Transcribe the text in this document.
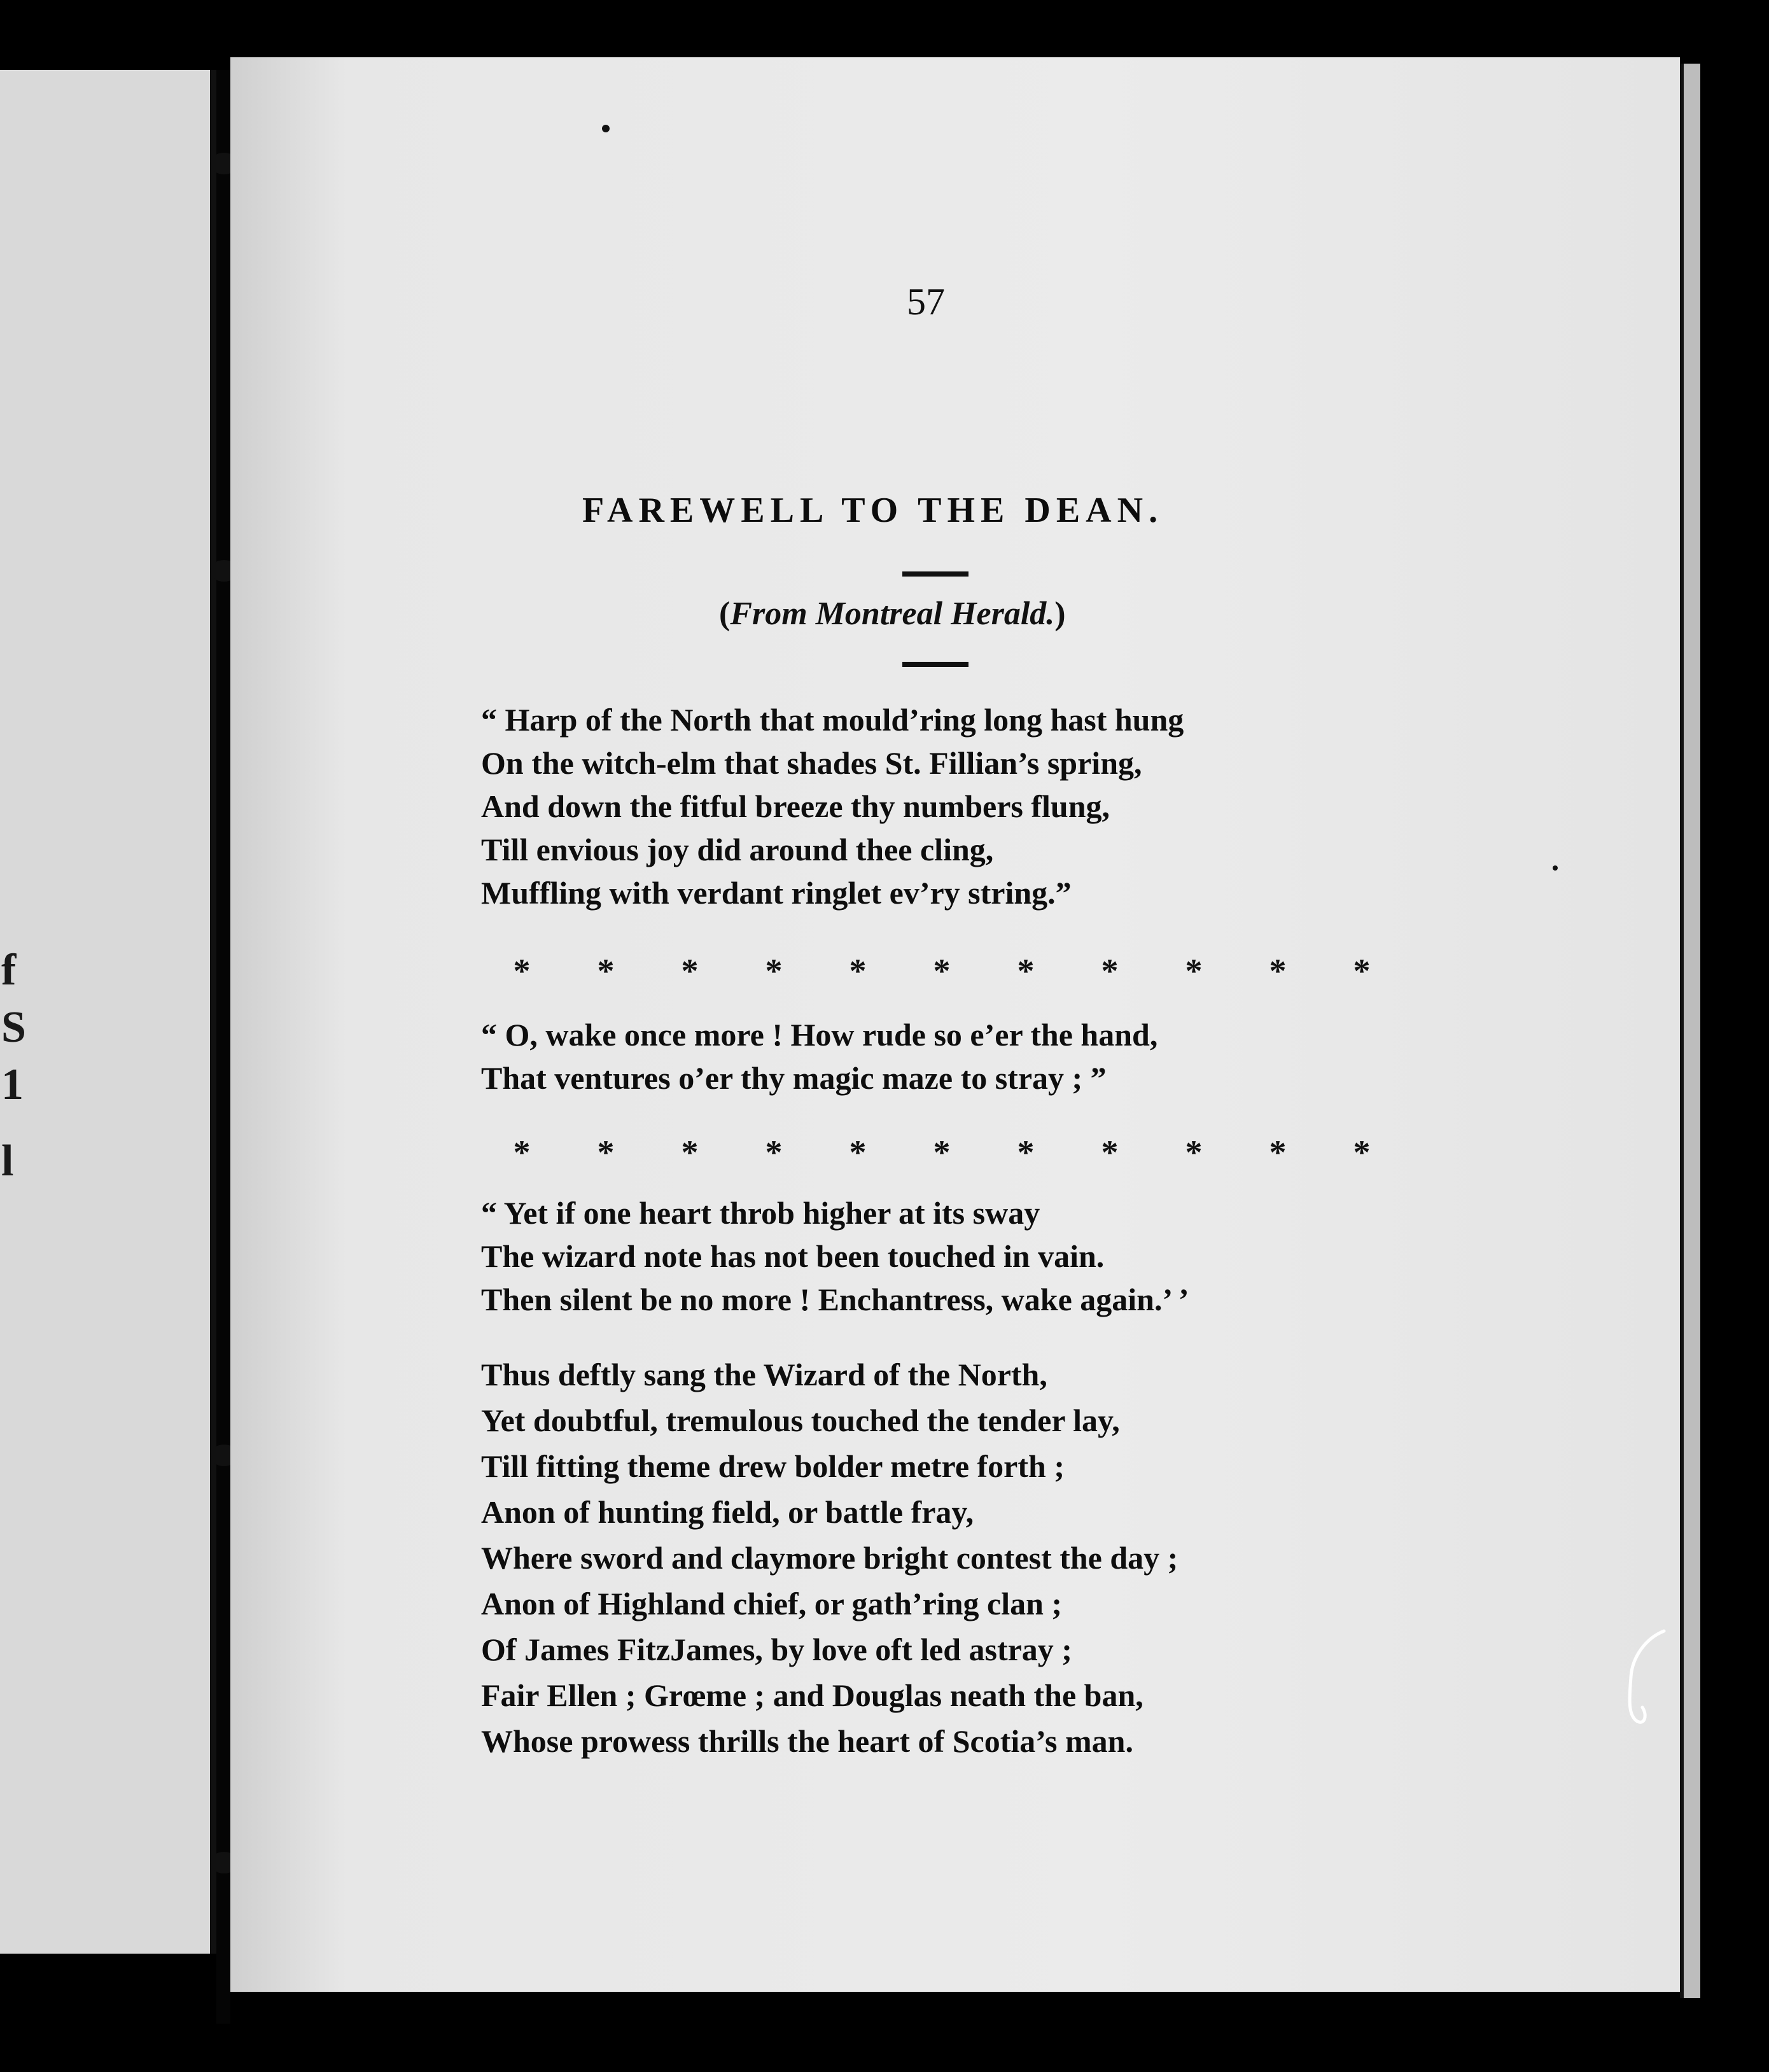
f
S
1
l
57
FAREWELL TO THE DEAN.
(From Montreal Herald.)
“ Harp of the North that mould’ring long hast hung
On the witch-elm that shades St. Fillian’s spring,
And down the fitful breeze thy numbers flung,
Till envious joy did around thee cling,
Muffling with verdant ringlet ev’ry string.”
* * * * * * * * * * *
“ O, wake once more ! How rude so e’er the hand,
That ventures o’er thy magic maze to stray ; ”
* * * * * * * * * * *
“ Yet if one heart throb higher at its sway
The wizard note has not been touched in vain.
Then silent be no more ! Enchantress, wake again.’ ’
Thus deftly sang the Wizard of the North,
Yet doubtful, tremulous touched the tender lay,
Till fitting theme drew bolder metre forth ;
Anon of hunting field, or battle fray,
Where sword and claymore bright contest the day ;
Anon of Highland chief, or gath’ring clan ;
Of James FitzJames, by love oft led astray ;
Fair Ellen ; Grœme ; and Douglas neath the ban,
Whose prowess thrills the heart of Scotia’s man.
